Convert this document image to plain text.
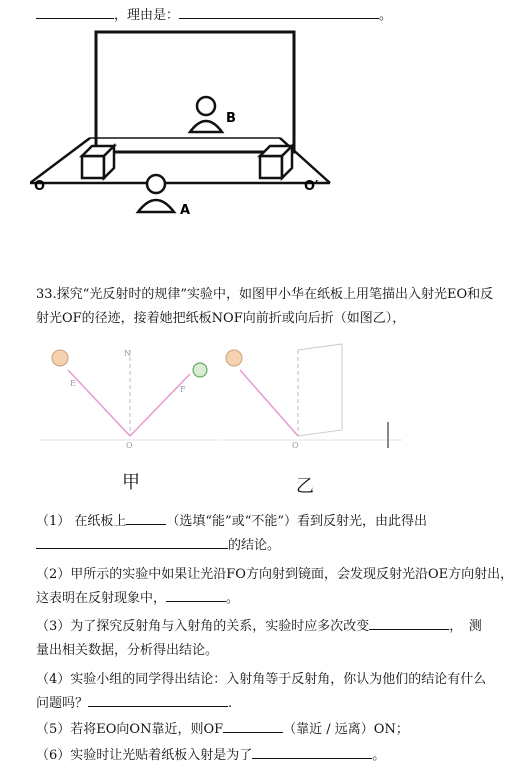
，理由是：	。
B
A
O	O′
33.探究“光反射时的规律”实验中，如图甲小华在纸板上用笔描出入射光EO和反
射光OF的径迹，接着她把纸板NOF向前折或向后折（如图乙），
N
E
F
O	O
甲	乙
（1） 在纸板上	（选填“能”或“不能”）看到反射光，由此得出
的结论。
（2）甲所示的实验中如果让光沿FO方向射到镜面，会发现反射光沿OE方向射出，
这表明在反射现象中，	。
（3）为了探究反射角与入射角的关系，实验时应多次改变	，　测
量出相关数据，分析得出结论。
（4）实验小组的同学得出结论：入射角等于反射角，你认为他们的结论有什么
问题吗？	.
（5）若将EO向ON靠近，则OF	（靠近 / 远离）ON；
（6）实验时让光贴着纸板入射是为了	。
